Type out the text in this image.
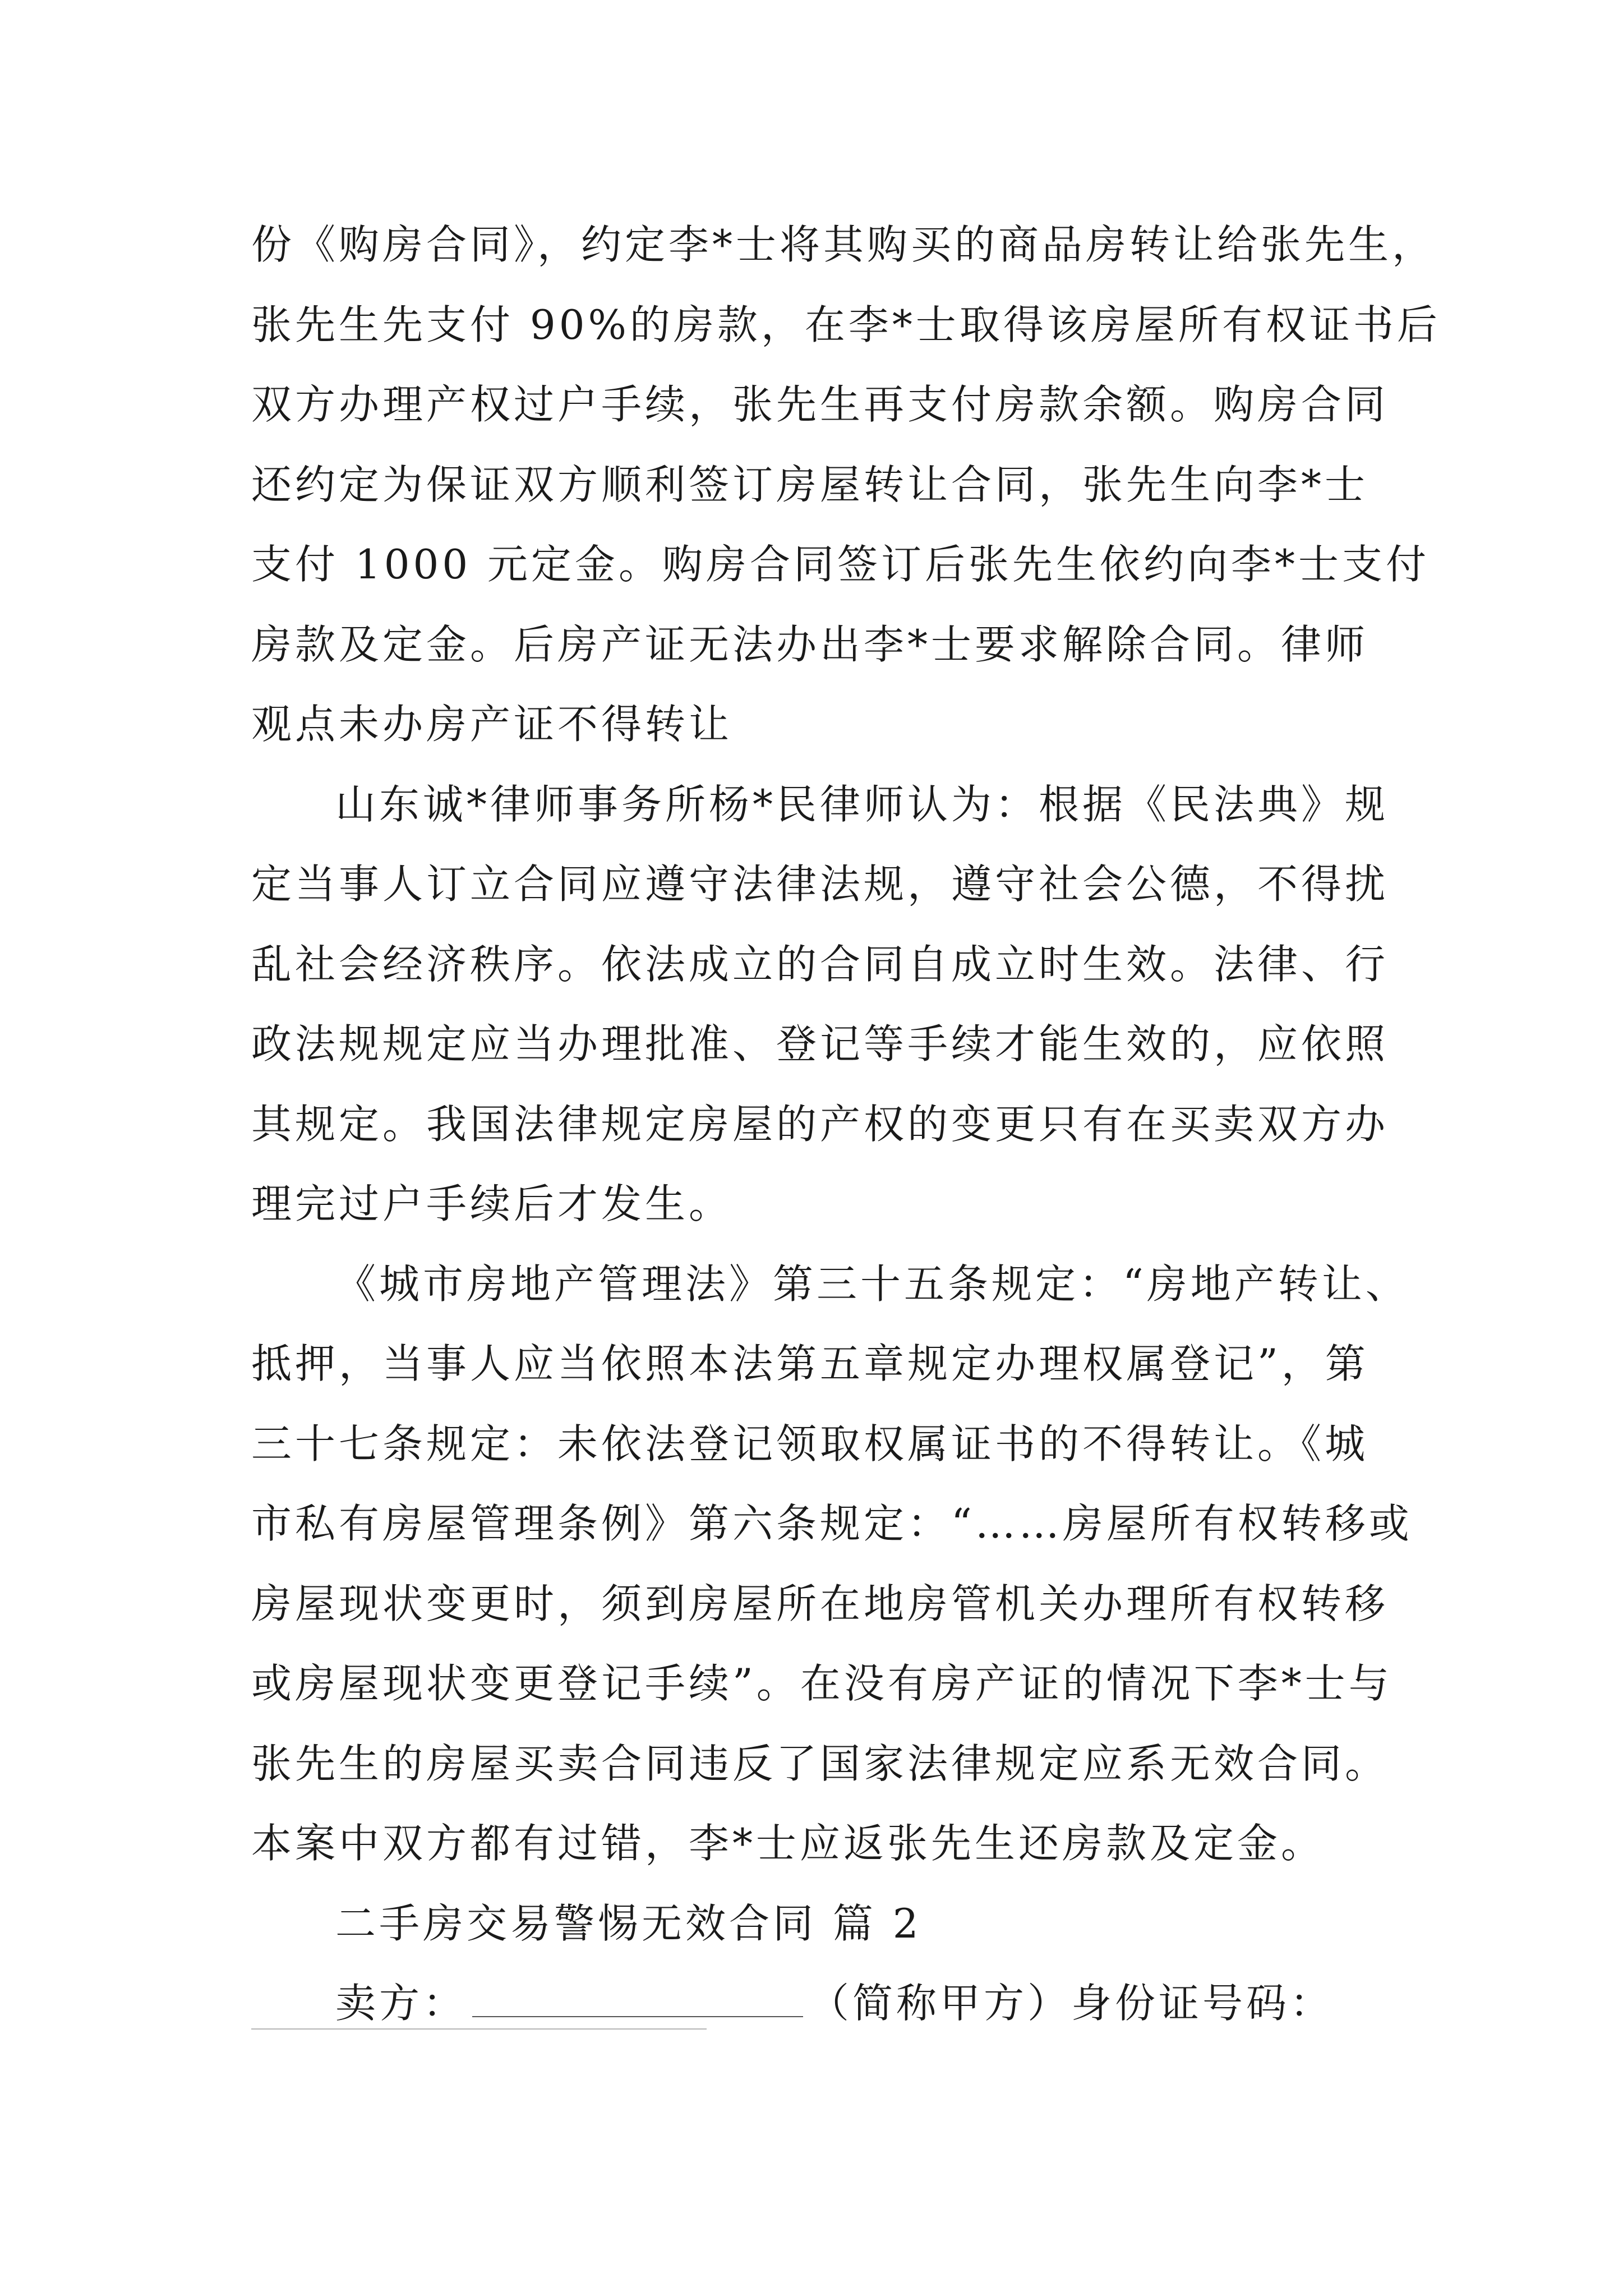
份《购房合同》，约定李*士将其购买的商品房转让给张先生，
张先生先支付 90%的房款，在李*士取得该房屋所有权证书后
双方办理产权过户手续，张先生再支付房款余额。购房合同
还约定为保证双方顺利签订房屋转让合同，张先生向李*士
支付 1000 元定金。购房合同签订后张先生依约向李*士支付
房款及定金。后房产证无法办出李*士要求解除合同。律师
观点未办房产证不得转让
山东诚*律师事务所杨*民律师认为：根据《民法典》规
定当事人订立合同应遵守法律法规，遵守社会公德，不得扰
乱社会经济秩序。依法成立的合同自成立时生效。法律、行
政法规规定应当办理批准、登记等手续才能生效的，应依照
其规定。我国法律规定房屋的产权的变更只有在买卖双方办
理完过户手续后才发生。
《城市房地产管理法》第三十五条规定：“房地产转让、
抵押，当事人应当依照本法第五章规定办理权属登记”，第
三十七条规定：未依法登记领取权属证书的不得转让。《城
市私有房屋管理条例》第六条规定：“……房屋所有权转移或
房屋现状变更时，须到房屋所在地房管机关办理所有权转移
或房屋现状变更登记手续”。在没有房产证的情况下李*士与
张先生的房屋买卖合同违反了国家法律规定应系无效合同。
本案中双方都有过错，李*士应返张先生还房款及定金。
二手房交易警惕无效合同 篇 2
卖方：	（简称甲方）身份证号码：
